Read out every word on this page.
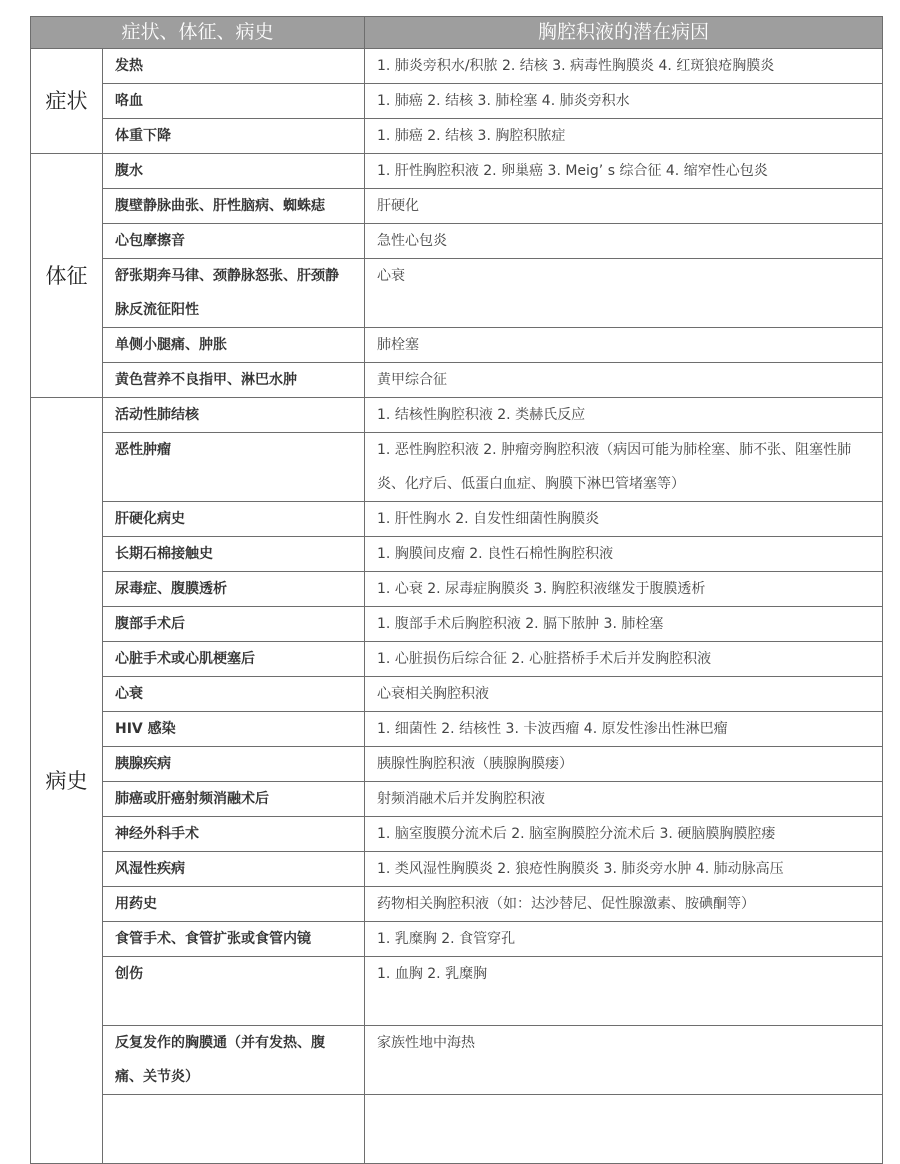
症状、体征、病史		胸腔积液的潜在病因
症状	发热	1. 肺炎旁积水/积脓 2. 结核 3. 病毒性胸膜炎 4. 红斑狼疮胸膜炎
	咯血	1. 肺癌 2. 结核 3. 肺栓塞 4. 肺炎旁积水
	体重下降	1. 肺癌 2. 结核 3. 胸腔积脓症
体征	腹水	1. 肝性胸腔积液 2. 卵巢癌 3. Meig’ s 综合征 4. 缩窄性心包炎
	腹壁静脉曲张、肝性脑病、蜘蛛痣	肝硬化
	心包摩擦音	急性心包炎
	舒张期奔马律、颈静脉怒张、肝颈静脉反流征阳性	心衰
	单侧小腿痛、肿胀	肺栓塞
	黄色营养不良指甲、淋巴水肿	黄甲综合征
病史	活动性肺结核	1. 结核性胸腔积液 2. 类赫氏反应
	恶性肿瘤	1. 恶性胸腔积液 2. 肿瘤旁胸腔积液（病因可能为肺栓塞、肺不张、阻塞性肺炎、化疗后、低蛋白血症、胸膜下淋巴管堵塞等）
	肝硬化病史	1. 肝性胸水 2. 自发性细菌性胸膜炎
	长期石棉接触史	1. 胸膜间皮瘤 2. 良性石棉性胸腔积液
	尿毒症、腹膜透析	1. 心衰 2. 尿毒症胸膜炎 3. 胸腔积液继发于腹膜透析
	腹部手术后	1. 腹部手术后胸腔积液 2. 膈下脓肿 3. 肺栓塞
	心脏手术或心肌梗塞后	1. 心脏损伤后综合征 2. 心脏搭桥手术后并发胸腔积液
	心衰	心衰相关胸腔积液
	HIV 感染	1. 细菌性 2. 结核性 3. 卡波西瘤 4. 原发性渗出性淋巴瘤
	胰腺疾病	胰腺性胸腔积液（胰腺胸膜瘘）
	肺癌或肝癌射频消融术后	射频消融术后并发胸腔积液
	神经外科手术	1. 脑室腹膜分流术后 2. 脑室胸膜腔分流术后 3. 硬脑膜胸膜腔瘘
	风湿性疾病	1. 类风湿性胸膜炎 2. 狼疮性胸膜炎 3. 肺炎旁水肿 4. 肺动脉高压
	用药史	药物相关胸腔积液（如：达沙替尼、促性腺激素、胺碘酮等）
	食管手术、食管扩张或食管内镜	1. 乳糜胸 2. 食管穿孔
	创伤	1. 血胸 2. 乳糜胸
	反复发作的胸膜通（并有发热、腹痛、关节炎）	家族性地中海热
